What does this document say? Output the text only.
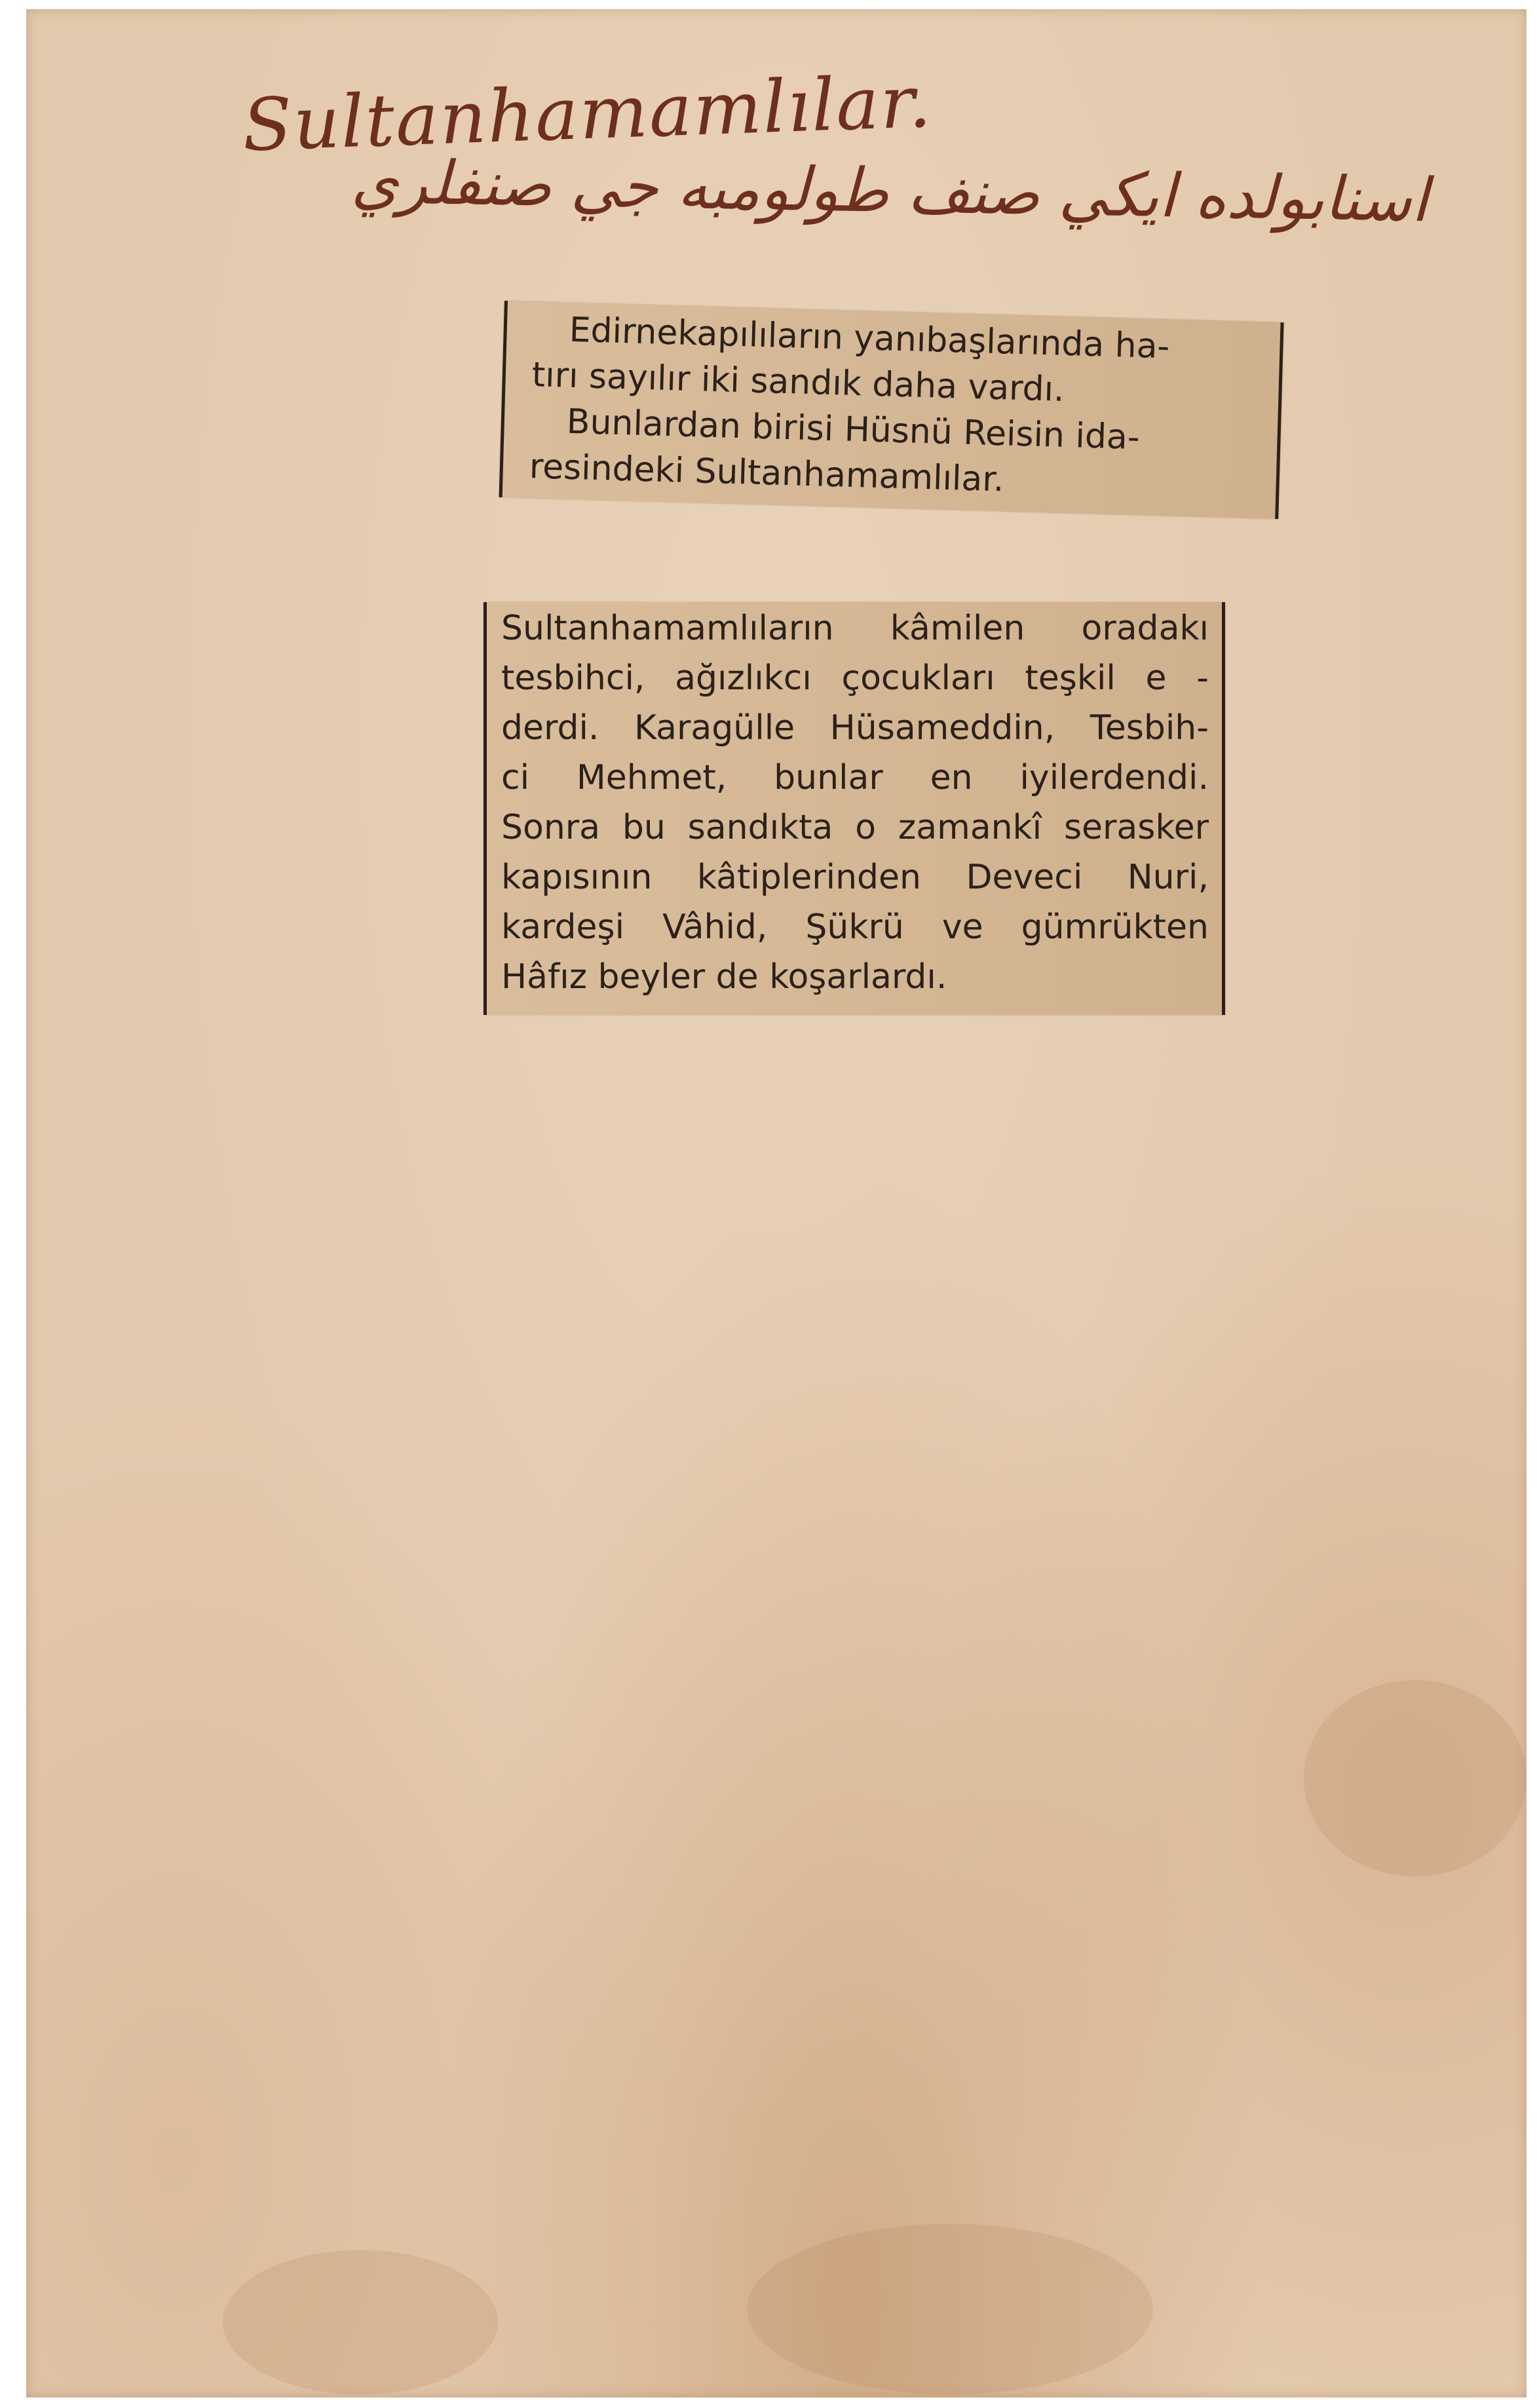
Sultanhamamlılar.
اسنابولده ايكي صنف طولومبه جي صنفلري
Edirnekapılıların yanıbaşlarında ha-
tırı sayılır iki sandık daha vardı.
Bunlardan birisi Hüsnü Reisin ida-
resindeki Sultanhamamlılar.
Sultanhamamlıların kâmilen oradakı
tesbihci, ağızlıkcı çocukları teşkil e -
derdi. Karagülle Hüsameddin, Tesbih-
ci Mehmet, bunlar en iyilerdendi.
Sonra bu sandıkta o zamankî serasker
kapısının kâtiplerinden Deveci Nuri,
kardeşi Vâhid, Şükrü ve gümrükten
Hâfız beyler de koşarlardı.
